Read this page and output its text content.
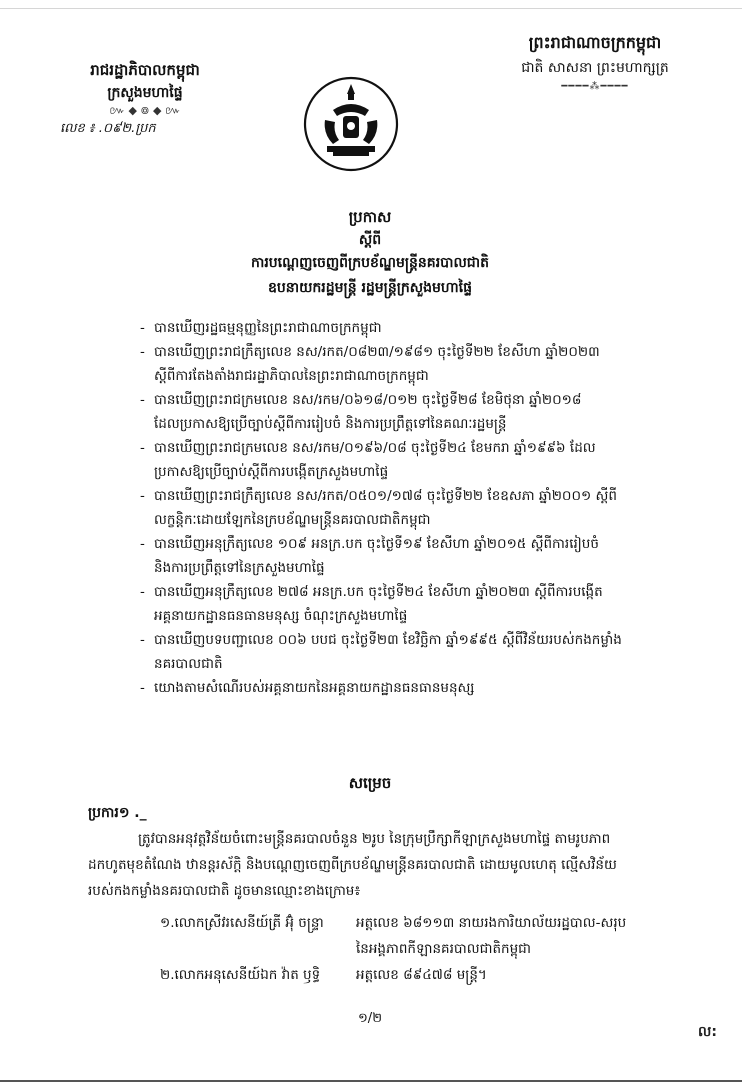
រាជរដ្ឋាភិបាលកម្ពុជា
ក្រសួងមហាផ្ទៃ
៚ ◆ ៙ ◆ ៚
លេខ ៖ .០៩២.ប្រក
ព្រះរាជាណាចក្រកម្ពុជា
ជាតិ សាសនា ព្រះមហាក្សត្រ
━━━━⁂━━━━
ប្រកាស
ស្តីពី
ការបណ្តេញចេញពីក្របខ័ណ្ឌមន្ត្រីនគរបាលជាតិ
ឧបនាយករដ្ឋមន្ត្រី រដ្ឋមន្ត្រីក្រសួងមហាផ្ទៃ
- បានឃើញរដ្ឋធម្មនុញ្ញនៃព្រះរាជាណាចក្រកម្ពុជា
- បានឃើញព្រះរាជក្រឹត្យលេខ នស/រកត/០៨២៣/១៩៨១ ចុះថ្ងៃទី២២ ខែសីហា ឆ្នាំ២០២៣
ស្តីពីការតែងតាំងរាជរដ្ឋាភិបាលនៃព្រះរាជាណាចក្រកម្ពុជា
- បានឃើញព្រះរាជក្រមលេខ នស/រកម/០៦១៨/០១២ ចុះថ្ងៃទី២៨ ខែមិថុនា ឆ្នាំ២០១៨
ដែលប្រកាសឱ្យប្រើច្បាប់ស្តីពីការរៀបចំ និងការប្រព្រឹត្តទៅនៃគណៈរដ្ឋមន្ត្រី
- បានឃើញព្រះរាជក្រមលេខ នស/រកម/០១៩៦/០៨ ចុះថ្ងៃទី២៤ ខែមករា ឆ្នាំ១៩៩៦ ដែល
ប្រកាសឱ្យប្រើច្បាប់ស្តីពីការបង្កើតក្រសួងមហាផ្ទៃ
- បានឃើញព្រះរាជក្រឹត្យលេខ នស/រកត/០៥០១/១៧៨ ចុះថ្ងៃទី២២ ខែឧសភា ឆ្នាំ២០០១ ស្តីពី
លក្ខន្តិកៈដោយឡែកនៃក្របខ័ណ្ឌមន្ត្រីនគរបាលជាតិកម្ពុជា
- បានឃើញអនុក្រឹត្យលេខ ១០៩ អនក្រ.បក ចុះថ្ងៃទី១៩ ខែសីហា ឆ្នាំ២០១៥ ស្តីពីការរៀបចំ
និងការប្រព្រឹត្តទៅនៃក្រសួងមហាផ្ទៃ
- បានឃើញអនុក្រឹត្យលេខ ២៧៨ អនក្រ.បក ចុះថ្ងៃទី២៤ ខែសីហា ឆ្នាំ២០២៣ ស្តីពីការបង្កើត
អគ្គនាយកដ្ឋានធនធានមនុស្ស ចំណុះក្រសួងមហាផ្ទៃ
- បានឃើញបទបញ្ជាលេខ ០០៦ បបជ ចុះថ្ងៃទី២៣ ខែវិច្ឆិកា ឆ្នាំ១៩៩៥ ស្តីពីវិន័យរបស់កងកម្លាំង
នគរបាលជាតិ
- យោងតាមសំណើរបស់អគ្គនាយកនៃអគ្គនាយកដ្ឋានធនធានមនុស្ស
សម្រេច
ប្រការ១ ._
ត្រូវបានអនុវត្តវិន័យចំពោះមន្ត្រីនគរបាលចំនួន ២រូប នៃក្រុមប្រឹក្សាកីឡាក្រសួងមហាផ្ទៃ តាមរូបភាព
ដកហូតមុខតំណែង ឋានន្តរស័ក្តិ និងបណ្តេញចេញពីក្របខ័ណ្ឌមន្ត្រីនគរបាលជាតិ ដោយមូលហេតុ ល្មើសវិន័យ
របស់កងកម្លាំងនគរបាលជាតិ ដូចមានឈ្មោះខាងក្រោម៖
១.លោកស្រីវរសេនីយ៍ត្រី អ៊ុំ ចន្ទ្រា	អត្តលេខ ៦៨១១៣ នាយរងការិយាល័យរដ្ឋបាល-សរុប
នៃអង្គភាពកីឡានគរបាលជាតិកម្ពុជា
២.លោកអនុសេនីយ៍ឯក វ៉ាត ឫទ្ធិ	អត្តលេខ ៨៩៤៧៨ មន្ត្រី។
១/២
ល:
